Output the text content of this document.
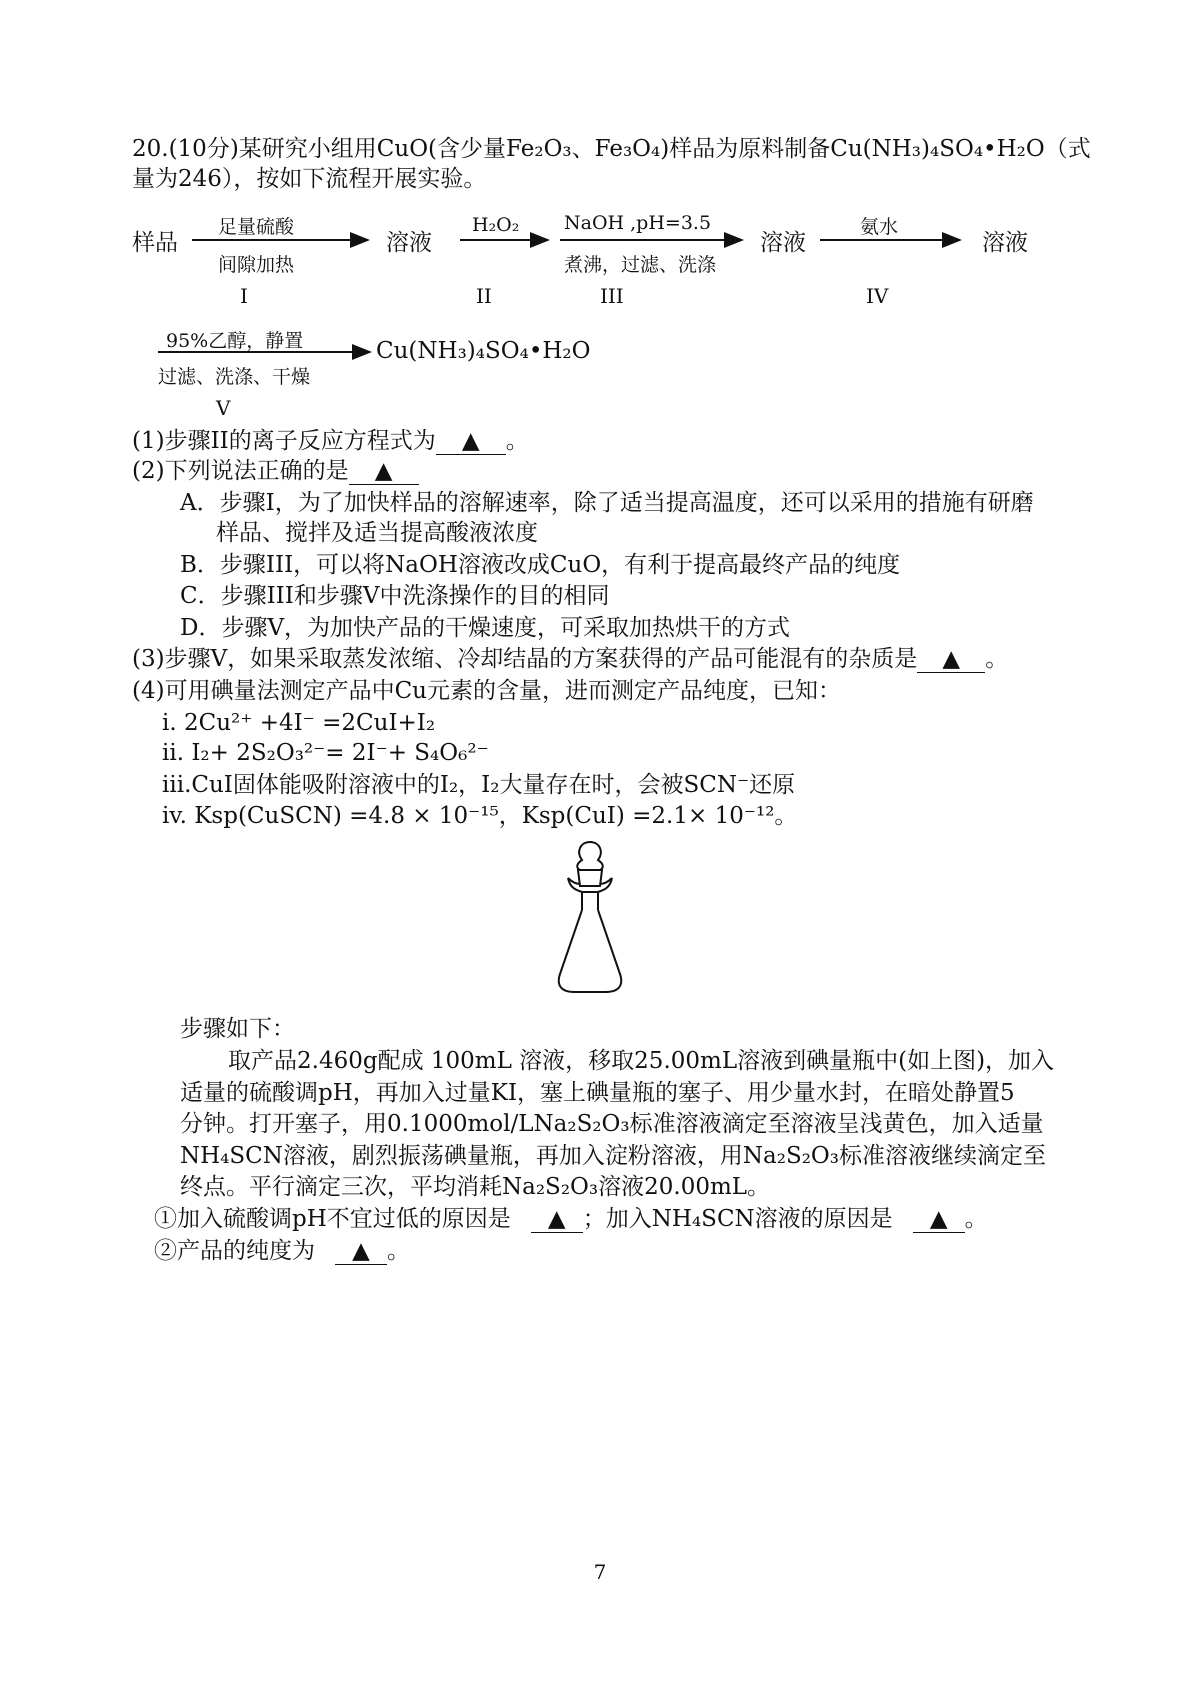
20.(10分)某研究小组用CuO(含少量Fe₂O₃、Fe₃O₄)样品为原料制备Cu(NH₃)₄SO₄•H₂O（式
量为246），按如下流程开展实验。
样品
足量硫酸
间隙加热
I
溶液
H₂O₂
II
NaOH ,pH=3.5
煮沸，过滤、洗涤
III
溶液
氨水
IV
溶液
95%乙醇，静置
过滤、洗涤、干燥
V
Cu(NH₃)₄SO₄•H₂O
(1)步骤II的离子反应方程式为 ▲ 。
(2)下列说法正确的是 ▲
A．步骤I，为了加快样品的溶解速率，除了适当提高温度，还可以采用的措施有研磨
样品、搅拌及适当提高酸液浓度
B．步骤III，可以将NaOH溶液改成CuO，有利于提高最终产品的纯度
C．步骤III和步骤V中洗涤操作的目的相同
D．步骤V，为加快产品的干燥速度，可采取加热烘干的方式
(3)步骤V，如果采取蒸发浓缩、冷却结晶的方案获得的产品可能混有的杂质是 ▲ 。
(4)可用碘量法测定产品中Cu元素的含量，进而测定产品纯度，已知：
i. 2Cu²⁺ +4I⁻ =2CuI+I₂
ii. I₂+ 2S₂O₃²⁻= 2I⁻+ S₄O₆²⁻
iii.CuI固体能吸附溶液中的I₂，I₂大量存在时，会被SCN⁻还原
iv. Ksp(CuSCN) =4.8 × 10⁻¹⁵，Ksp(CuI) =2.1× 10⁻¹²。
步骤如下：
取产品2.460g配成 100mL 溶液，移取25.00mL溶液到碘量瓶中(如上图)，加入
适量的硫酸调pH，再加入过量KI，塞上碘量瓶的塞子、用少量水封，在暗处静置5
分钟。打开塞子，用0.1000mol/LNa₂S₂O₃标准溶液滴定至溶液呈浅黄色，加入适量
NH₄SCN溶液，剧烈振荡碘量瓶，再加入淀粉溶液，用Na₂S₂O₃标准溶液继续滴定至
终点。平行滴定三次，平均消耗Na₂S₂O₃溶液20.00mL。
①加入硫酸调pH不宜过低的原因是 ▲ ；加入NH₄SCN溶液的原因是 ▲ 。
②产品的纯度为 ▲ 。
7
